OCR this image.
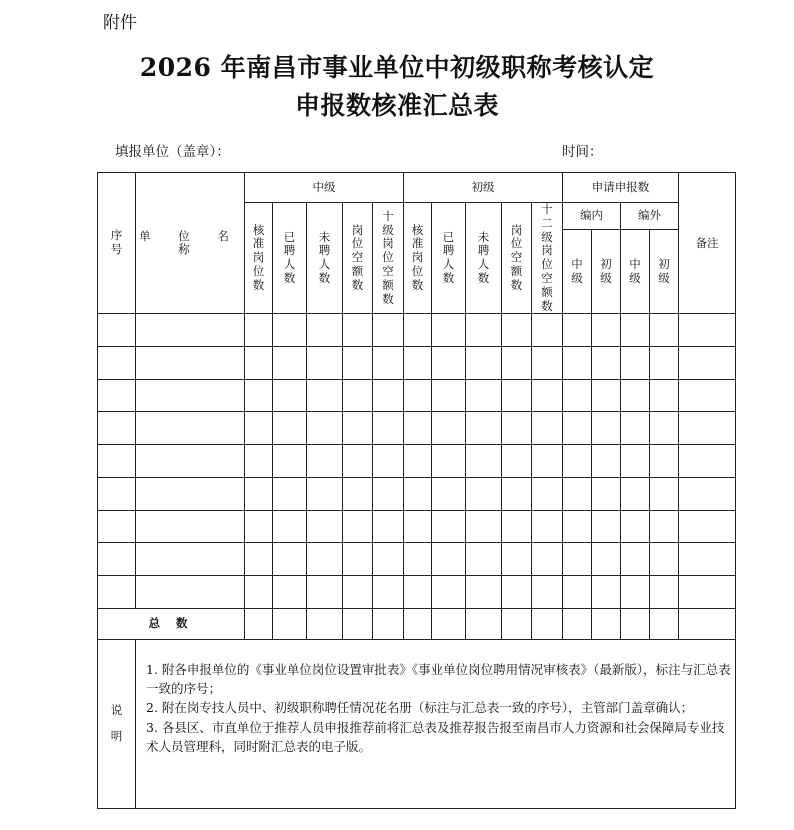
附件
2026 年南昌市事业单位中初级职称考核认定
申报数核准汇总表
填报单位（盖章）：	时间：
序号	单 位 名 称	中级					初级					申请申报数				备注
		核准岗位数	已聘人数	未聘人数	岗位空额数	十级岗位空额数	核准岗位数	已聘人数	未聘人数	岗位空额数	十二级岗位空额数	编内		编外		
												中级	初级	中级	初级	

总 数																
说明	1. 附各申报单位的《事业单位岗位设置审批表》《事业单位岗位聘用情况审核表》（最新版），标注与汇总表一致的序号；

2. 附在岗专技人员中、初级职称聘任情况花名册（标注与汇总表一致的序号），主管部门盖章确认；

3. 各县区、市直单位于推荐人员申报推荐前将汇总表及推荐报告报至南昌市人力资源和社会保障局专业技术人员管理科，同时附汇总表的电子版。															
